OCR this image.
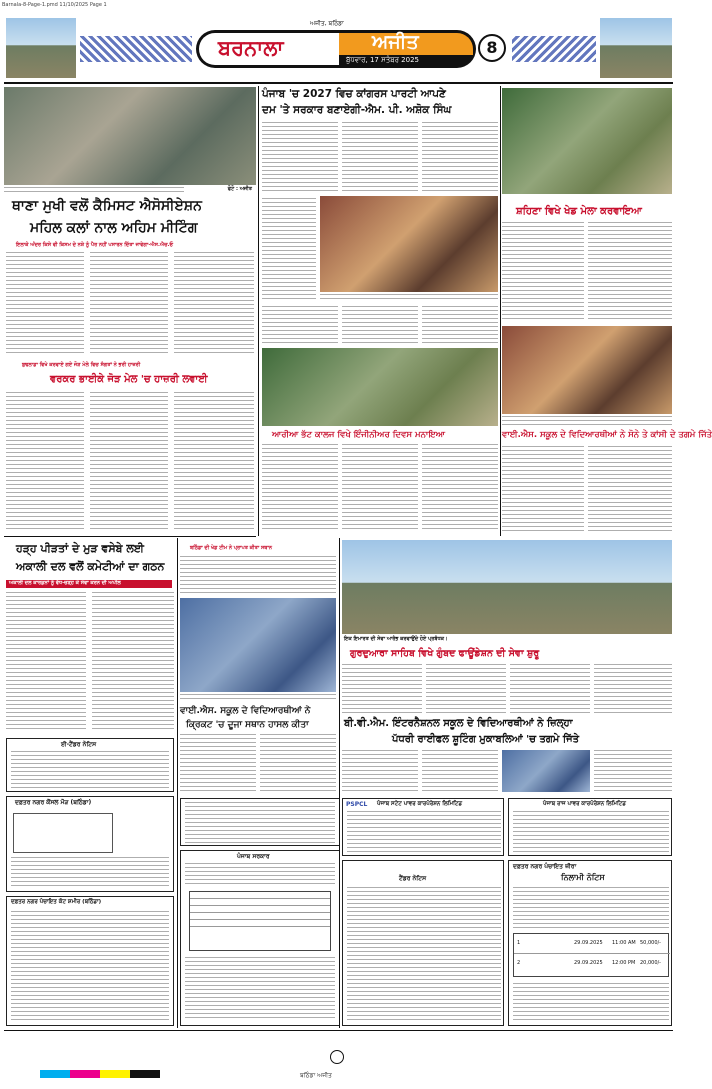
Barnala-8-Page-1.pmd 11/10/2025 Page 1
ਬਰਨਾਲਾ	ਅਜੀਤ
ਬੁੱਧਵਾਰ, 17 ਸਤੰਬਰ 2025
ਅਜੀਤ, ਬਠਿੰਡਾ
8
ਫੋਟੋ : ਅਜੀਤ
ਥਾਣਾ ਮੁਖੀ ਵਲੋਂ ਕੈਮਿਸਟ ਐਸੋਸੀਏਸ਼ਨ
ਮਹਿਲ ਕਲਾਂ ਨਾਲ ਅਹਿਮ ਮੀਟਿੰਗ
ਇਲਾਕੇ ਅੰਦਰ ਕਿਸੇ ਵੀ ਕਿਸਮ ਦੇ ਨਸ਼ੇ ਨੂੰ ਪੈਰ ਨਹੀਂ ਪਸਾਰਨ ਦਿੱਤਾ ਜਾਵੇਗਾ-ਐਸ.ਐਚ.ਓ
ਬੁਢਲਾਡਾ ਵਿਖੇ ਕਰਵਾਏ ਗਏ ਜੋੜ ਮੇਲੇ ਵਿਚ ਸੰਗਤਾਂ ਨੇ ਭਰੀ ਹਾਜ਼ਰੀ
ਵਰਕਰ ਭਾਈਕੇ ਜੋੜ ਮੇਲ 'ਚ ਹਾਜ਼ਰੀ ਲਵਾਈ
ਹੜ੍ਹ ਪੀੜਤਾਂ ਦੇ ਮੁੜ ਵਸੇਬੇ ਲਈ
ਅਕਾਲੀ ਦਲ ਵਲੋਂ ਕਮੇਟੀਆਂ ਦਾ ਗਠਨ
ਅਕਾਲੀ ਦਲ ਕਾਰਕੁਨਾਂ ਨੂੰ ਵੱਧ-ਚੜ੍ਹ ਕੇ ਸੇਵਾ ਕਰਨ ਦੀ ਅਪੀਲ
ਈ-ਟੈਂਡਰ ਨੋਟਿਸ
ਦਫ਼ਤਰ ਨਗਰ ਕੌਂਸਲ ਮੌੜ (ਬਠਿੰਡਾ)
ਦਫ਼ਤਰ ਨਗਰ ਪੰਚਾਇਤ ਕੋਟ ਸ਼ਮੀਰ (ਬਠਿੰਡਾ)
ਪੰਜਾਬ 'ਚ 2027 ਵਿਚ ਕਾਂਗਰਸ ਪਾਰਟੀ ਆਪਣੇ
ਦਮ 'ਤੇ ਸਰਕਾਰ ਬਣਾਏਗੀ-ਐਮ. ਪੀ. ਅਸ਼ੋਕ ਸਿੰਘ
ਆਰੀਆ ਭੱਟ ਕਾਲਜ ਵਿਖੇ ਇੰਜੀਨੀਅਰ ਦਿਵਸ ਮਨਾਇਆ
ਬਠਿੰਡਾ ਦੀ ਖੇਡ ਟੀਮ ਨੇ ਪ੍ਰਾਪਤ ਕੀਤਾ ਸਥਾਨ
ਵਾਈ.ਐਸ. ਸਕੂਲ ਦੇ ਵਿਦਿਆਰਥੀਆਂ ਨੇ
ਕ੍ਰਿਕਟ 'ਚ ਦੂਜਾ ਸਥਾਨ ਹਾਸਲ ਕੀਤਾ
ਪੰਜਾਬ ਸਰਕਾਰ
ਸ਼ਹਿਣਾ ਵਿਖੇ ਖੇਡ ਮੇਲਾ ਕਰਵਾਇਆ
ਵਾਈ.ਐਸ. ਸਕੂਲ ਦੇ ਵਿਦਿਆਰਥੀਆਂ ਨੇ ਸੋਨੇ ਤੇ ਕਾਂਸੀ ਦੇ ਤਗਮੇ ਜਿੱਤੇ
ਇਕ ਇਮਾਰਤ ਦੀ ਸੇਵਾ ਆਰੰਭ ਕਰਵਾਉਂਦੇ ਹੋਏ ਪ੍ਰਬੰਧਕ।
ਗੁਰਦੁਆਰਾ ਸਾਹਿਬ ਵਿਖੇ ਗੁੰਬਦ ਫਾਊਂਡੇਸ਼ਨ ਦੀ ਸੇਵਾ ਸ਼ੁਰੂ
ਬੀ.ਵੀ.ਐਮ. ਇੰਟਰਨੈਸ਼ਨਲ ਸਕੂਲ ਦੇ ਵਿਦਿਆਰਥੀਆਂ ਨੇ ਜ਼ਿਲ੍ਹਾ
ਪੱਧਰੀ ਰਾਈਫਲ ਸ਼ੂਟਿੰਗ ਮੁਕਾਬਲਿਆਂ 'ਚ ਤਗਮੇ ਜਿੱਤੇ
PSPCL ਪੰਜਾਬ ਸਟੇਟ ਪਾਵਰ ਕਾਰਪੋਰੇਸ਼ਨ ਲਿਮਿਟਿਡ	ਪੰਜਾਬ ਰਾਜ ਪਾਵਰ ਕਾਰਪੋਰੇਸ਼ਨ ਲਿਮਿਟਿਡ
ਟੈਂਡਰ ਨੋਟਿਸ
ਦਫ਼ਤਰ ਨਗਰ ਪੰਚਾਇਤ ਜ਼ੀਰਾ
ਨਿਲਾਮੀ ਨੋਟਿਸ
1	29.09.2025 11:00 AM 50,000/-
2	29.09.2025 12:00 PM 20,000/-
ਬਠਿੰਡਾ ਅਜੀਤ
